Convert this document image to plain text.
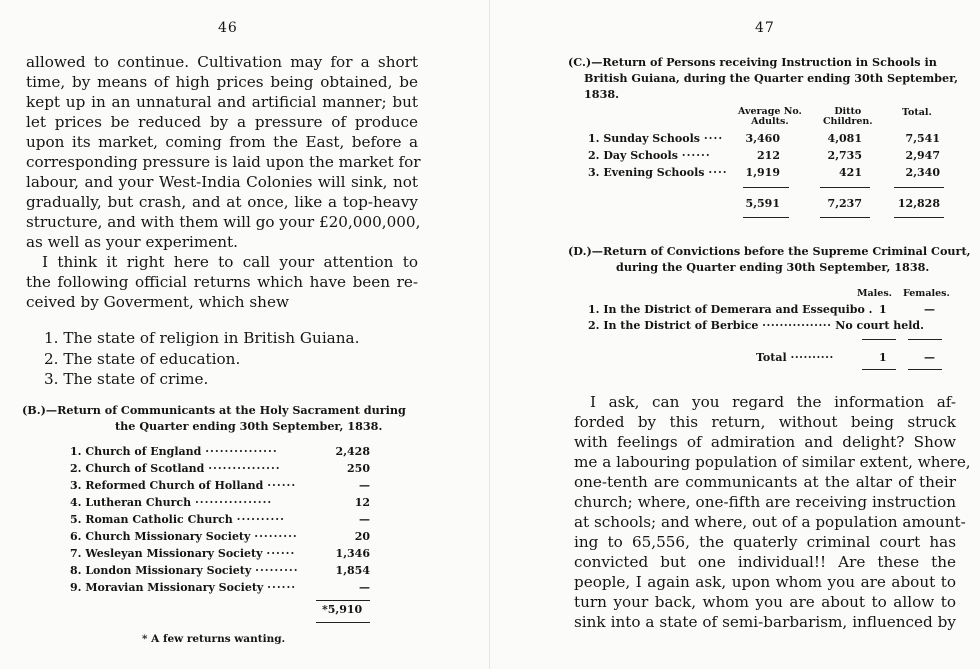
46
allowed to continue. Cultivation may for a short
time, by means of high prices being obtained, be
kept up in an unnatural and artificial manner; but
let prices be reduced by a pressure of produce
upon its market, coming from the East, before a
corresponding pressure is laid upon the market for
labour, and your West-India Colonies will sink, not
gradually, but crash, and at once, like a top-heavy
structure, and with them will go your £20,000,000,
as well as your experiment.
I think it right here to call your attention to
the following official returns which have been re-
ceived by Goverment, which shew
1. The state of religion in British Guiana.
2. The state of education.
3. The state of crime.
(B.)—Return of Communicants at the Holy Sacrament during
the Quarter ending 30th September, 1838.
1. Church of England ···············	2,428
2. Church of Scotland ···············	250
3. Reformed Church of Holland ······	—
4. Lutheran Church ················	12
5. Roman Catholic Church ··········	—
6. Church Missionary Society ·········	20
7. Wesleyan Missionary Society ······	1,346
8. London Missionary Society ·········	1,854
9. Moravian Missionary Society ······	—
*5,910
* A few returns wanting.
47
(C.)—Return of Persons receiving Instruction in Schools in
British Guiana, during the Quarter ending 30th September,
1838.
Average No.
Adults.
Ditto
Children.
Total.
1. Sunday Schools ···· 3,460	4,081	7,541
2. Day Schools ······	212	2,735	2,947
3. Evening Schools ···· 1,919	421	2,340
5,591	7,237	12,828
(D.)—Return of Convictions before the Supreme Criminal Court,
during the Quarter ending 30th September, 1838.
Males. Females.
1. In the District of Demerara and Essequibo . 1	—
2. In the District of Berbice ················ No court held.
Total ··········	1	—
I ask, can you regard the information af-
forded by this return, without being struck
with feelings of admiration and delight? Show
me a labouring population of similar extent, where,
one-tenth are communicants at the altar of their
church; where, one-fifth are receiving instruction
at schools; and where, out of a population amount-
ing to 65,556, the quaterly criminal court has
convicted but one individual!! Are these the
people, I again ask, upon whom you are about to
turn your back, whom you are about to allow to
sink into a state of semi-barbarism, influenced by
